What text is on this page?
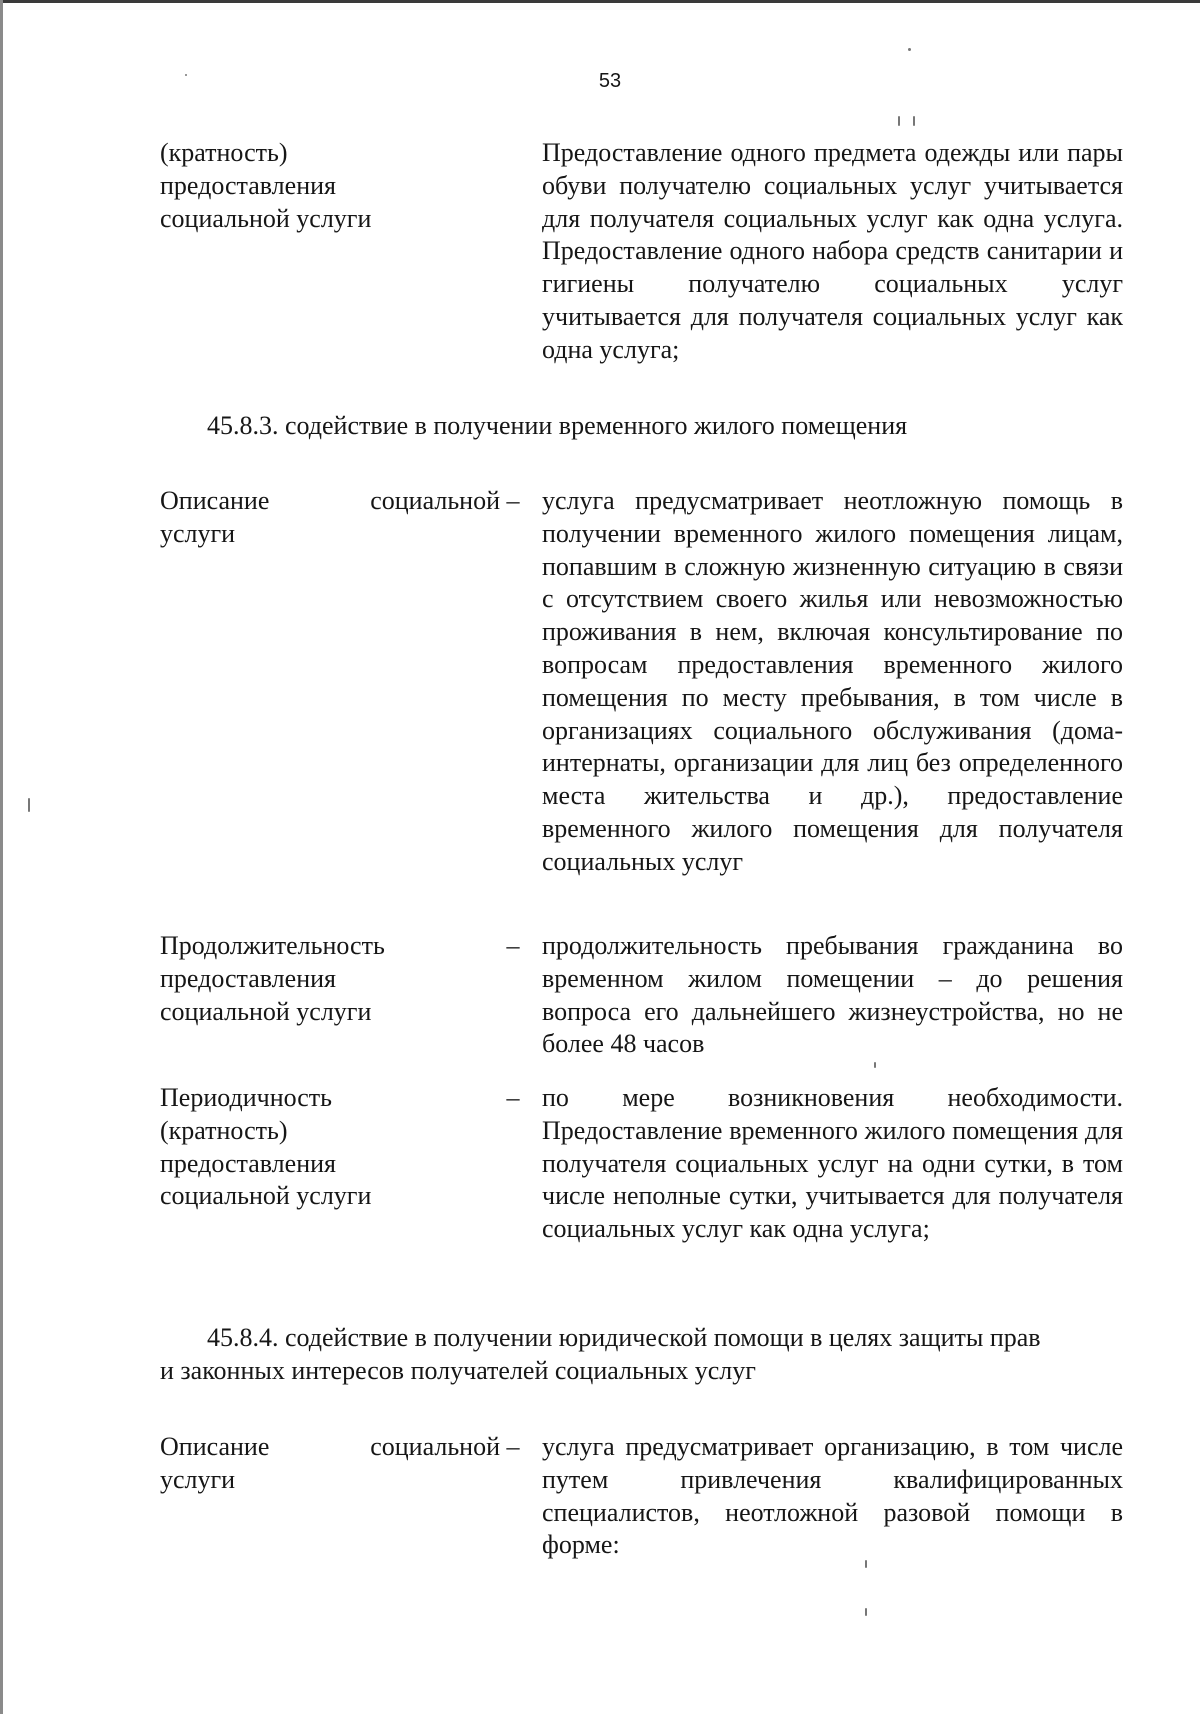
53
(кратность)
предоставления
социальной услуги
Предоставление одного предмета одежды или пары обуви получателю социальных услуг учитывается для получателя социальных услуг как одна услуга. Предоставление одного набора средств санитарии и гигиены получателю социальных услуг учитывается для получателя социальных услуг как одна услуга;
45.8.3. содействие в получении временного жилого помещения
Описание	социальной
услуги
– услуга предусматривает неотложную помощь в получении временного жилого помещения лицам, попавшим в сложную жизненную ситуацию в связи с отсутствием своего жилья или невозможностью проживания в нем, включая консультирование по вопросам предоставления временного жилого помещения по месту пребывания, в том числе в организациях социального обслуживания (дома-интернаты, организации для лиц без определенного места жительства и др.), предоставление временного жилого помещения для получателя социальных услуг
Продолжительность
предоставления
социальной услуги
– продолжительность пребывания гражданина во временном жилом помещении – до решения вопроса его дальнейшего жизнеустройства, но не более 48 часов
Периодичность
(кратность)
предоставления
социальной услуги
– по мере возникновения необходимости. Предоставление временного жилого помещения для получателя социальных услуг на одни сутки, в том числе неполные сутки, учитывается для получателя социальных услуг как одна услуга;
45.8.4. содействие в получении юридической помощи в целях защиты прав
и законных интересов получателей социальных услуг
Описание	социальной
услуги
– услуга предусматривает организацию, в том числе путем привлечения квалифицированных специалистов, неотложной разовой помощи в форме:
